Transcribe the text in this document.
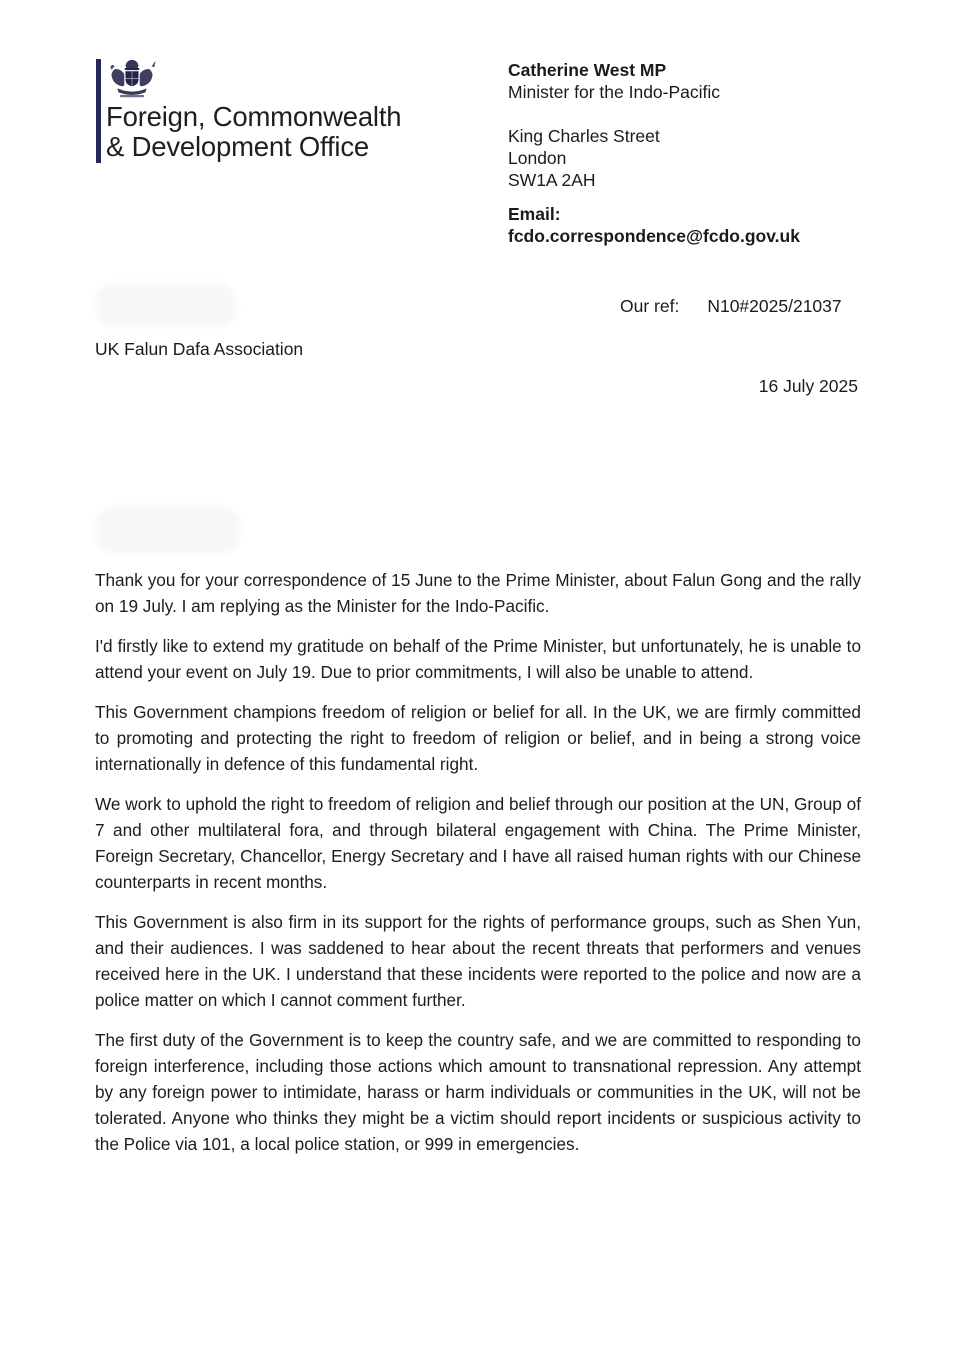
Foreign, Commonwealth
& Development Office
Catherine West MP
Minister for the Indo-Pacific
King Charles Street
London
SW1A 2AH
Email:
fcdo.correspondence@fcdo.gov.uk
Our ref: N10#2025/21037
UK Falun Dafa Association
16 July 2025

Thank you for your correspondence of 15 June to the Prime Minister, about Falun Gong and the rally on 19 July. I am replying as the Minister for the Indo-Pacific.

I'd firstly like to extend my gratitude on behalf of the Prime Minister, but unfortunately, he is unable to attend your event on July 19. Due to prior commitments, I will also be unable to attend.

This Government champions freedom of religion or belief for all. In the UK, we are firmly committed to promoting and protecting the right to freedom of religion or belief, and in being a strong voice internationally in defence of this fundamental right.

We work to uphold the right to freedom of religion and belief through our position at the UN, Group of 7 and other multilateral fora, and through bilateral engagement with China. The Prime Minister, Foreign Secretary, Chancellor, Energy Secretary and I have all raised human rights with our Chinese counterparts in recent months.

This Government is also firm in its support for the rights of performance groups, such as Shen Yun, and their audiences. I was saddened to hear about the recent threats that performers and venues received here in the UK. I understand that these incidents were reported to the police and now are a police matter on which I cannot comment further.

The first duty of the Government is to keep the country safe, and we are committed to responding to foreign interference, including those actions which amount to transnational repression. Any attempt by any foreign power to intimidate, harass or harm individuals or communities in the UK, will not be tolerated. Anyone who thinks they might be a victim should report incidents or suspicious activity to the Police via 101, a local police station, or 999 in emergencies.
